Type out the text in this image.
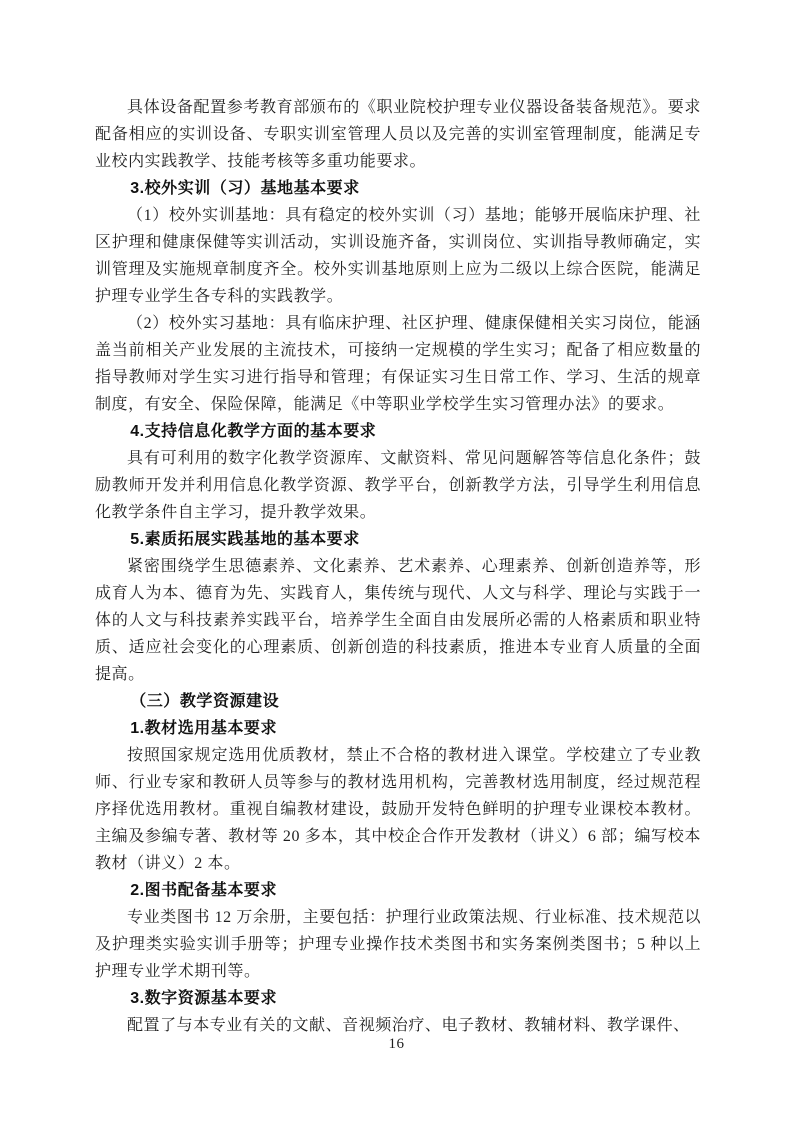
具体设备配置参考教育部颁布的《职业院校护理专业仪器设备装备规范》。要求配备相应的实训设备、专职实训室管理人员以及完善的实训室管理制度，能满足专业校内实践教学、技能考核等多重功能要求。

3.校外实训（习）基地基本要求

（1）校外实训基地：具有稳定的校外实训（习）基地；能够开展临床护理、社区护理和健康保健等实训活动，实训设施齐备，实训岗位、实训指导教师确定，实训管理及实施规章制度齐全。校外实训基地原则上应为二级以上综合医院，能满足护理专业学生各专科的实践教学。

（2）校外实习基地：具有临床护理、社区护理、健康保健相关实习岗位，能涵盖当前相关产业发展的主流技术，可接纳一定规模的学生实习；配备了相应数量的指导教师对学生实习进行指导和管理；有保证实习生日常工作、学习、生活的规章制度，有安全、保险保障，能满足《中等职业学校学生实习管理办法》的要求。

4.支持信息化教学方面的基本要求

具有可利用的数字化教学资源库、文献资料、常见问题解答等信息化条件；鼓励教师开发并利用信息化教学资源、教学平台，创新教学方法，引导学生利用信息化教学条件自主学习，提升教学效果。

5.素质拓展实践基地的基本要求

紧密围绕学生思德素养、文化素养、艺术素养、心理素养、创新创造养等，形成育人为本、德育为先、实践育人，集传统与现代、人文与科学、理论与实践于一体的人文与科技素养实践平台，培养学生全面自由发展所必需的人格素质和职业特质、适应社会变化的心理素质、创新创造的科技素质，推进本专业育人质量的全面提高。

（三）教学资源建设
1.教材选用基本要求

按照国家规定选用优质教材，禁止不合格的教材进入课堂。学校建立了专业教师、行业专家和教研人员等参与的教材选用机构，完善教材选用制度，经过规范程序择优选用教材。重视自编教材建设，鼓励开发特色鲜明的护理专业课校本教材。主编及参编专著、教材等 20 多本，其中校企合作开发教材（讲义）6 部；编写校本教材（讲义）2 本。

2.图书配备基本要求

专业类图书 12 万余册，主要包括：护理行业政策法规、行业标准、技术规范以及护理类实验实训手册等；护理专业操作技术类图书和实务案例类图书；5 种以上护理专业学术期刊等。

3.数字资源基本要求

配置了与本专业有关的文献、音视频治疗、电子教材、教辅材料、教学课件、

16
